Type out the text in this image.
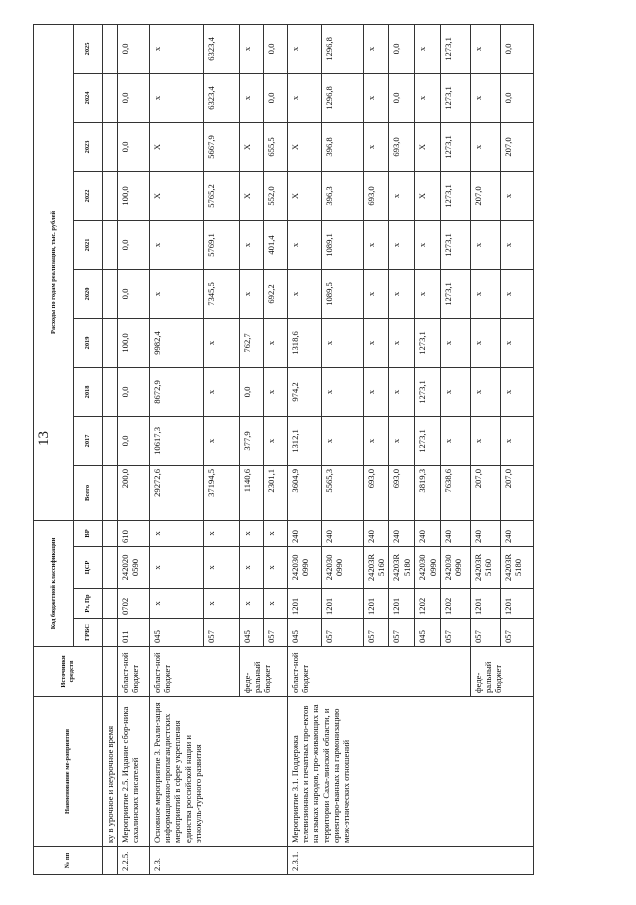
13
№ пп	Наименование ме-роприятия	Источники средств	Код бюджетной классификации				Расходы по годам реализации, тыс. рублей									
			ГРБС	Рз, Пр	ЦСР	ВР	Всего	2017	2018	2019	2020	2021	2022	2023	2024	2025
	ку в урочное и неурочное время															
2.2.5.	Мероприятие 2.5. Издание сбор-ника сахалинских писателей	област-ной бюджет	011	0702	242020 0590	610	200,0	0,0	0,0	100,0	0,0	0,0	100,0	0,0	0,0	0,0
2.3.	Основное мероприятие 3. Реали-зация информационно-пропагандистских мероприятий в сфере укрепления единства российской нации и этнокуль-турного развития	област-ной бюджет	045	x	x	x	29272,6	10617,3	8672,9	9982,4	x	x	X	X	x	x
			057	x	x	x	37194,5	x	x	x	7345,5	5769,1	5765,2	5667,9	6323,4	6323,4
		феде-ральный бюджет	045	x	x	x	1140,6	377,9	0,0	762,7	x	x	X	X	x	x
			057	x	x	x	2301,1	x	x	x	692,2	401,4	552,0	655,5	0,0	0,0
2.3.1.	Мероприятие 3.1. Поддержка телевизионных и печатных про-ектов на языках народов, про-живающих на территории Саха-линской области, и ориентиро-ванных на гармонизацию меж-этнических отношений	област-ной бюджет	045	1201	242030 0990	240	3604,9	1312,1	974,2	1318,6	x	x	X	X	x	x
			057	1201	242030 0990	240	5565,3	x	x	x	1089,5	1089,1	396,3	396,8	1296,8	1296,8
			057	1201	24203R 5160	240	693,0	x	x	x	x	x	693,0	x	x	x
			057	1201	24203R 5180	240	693,0	x	x	x	x	x	x	693,0	0,0	0,0
			045	1202	242030 0990	240	3819,3	1273,1	1273,1	1273,1	x	x	X	X	x	x
			057	1202	242030 0990	240	7638,6	x	x	x	1273,1	1273,1	1273,1	1273,1	1273,1	1273,1
		феде-ральный бюджет	057	1201	24203R 5160	240	207,0	x	x	x	x	x	207,0	x	x	x
			057	1201	24203R 5180	240	207,0	x	x	x	x	x	x	207,0	0,0	0,0
